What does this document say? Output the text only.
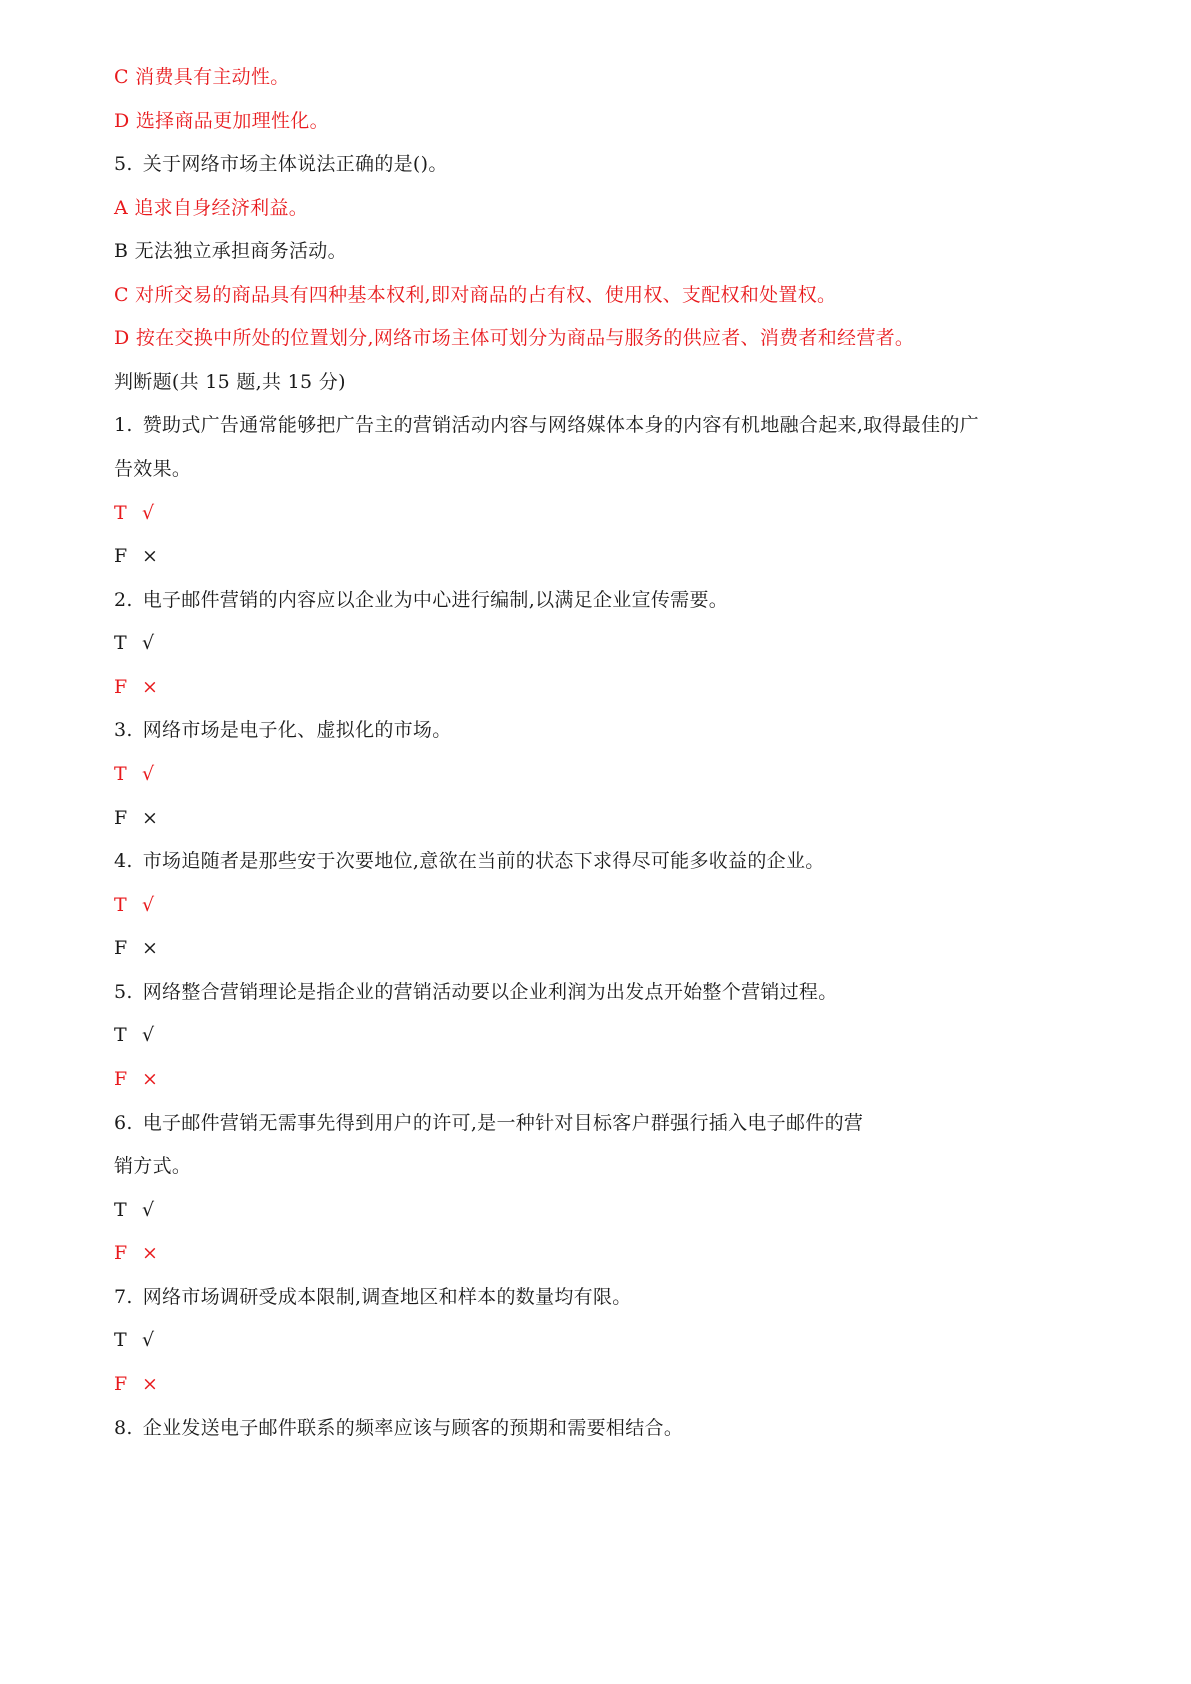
C 消费具有主动性。
D 选择商品更加理性化。
5. 关于网络市场主体说法正确的是()。
A 追求自身经济利益。
B 无法独立承担商务活动。
C 对所交易的商品具有四种基本权利,即对商品的占有权、使用权、支配权和处置权。
D 按在交换中所处的位置划分,网络市场主体可划分为商品与服务的供应者、消费者和经营者。
判断题(共 15 题,共 15 分)
1. 赞助式广告通常能够把广告主的营销活动内容与网络媒体本身的内容有机地融合起来,取得最佳的广
告效果。
T √
F ×
2. 电子邮件营销的内容应以企业为中心进行编制,以满足企业宣传需要。
T √
F ×
3. 网络市场是电子化、虚拟化的市场。
T √
F ×
4. 市场追随者是那些安于次要地位,意欲在当前的状态下求得尽可能多收益的企业。
T √
F ×
5. 网络整合营销理论是指企业的营销活动要以企业利润为出发点开始整个营销过程。
T √
F ×
6. 电子邮件营销无需事先得到用户的许可,是一种针对目标客户群强行插入电子邮件的营
销方式。
T √
F ×
7. 网络市场调研受成本限制,调查地区和样本的数量均有限。
T √
F ×
8. 企业发送电子邮件联系的频率应该与顾客的预期和需要相结合。
